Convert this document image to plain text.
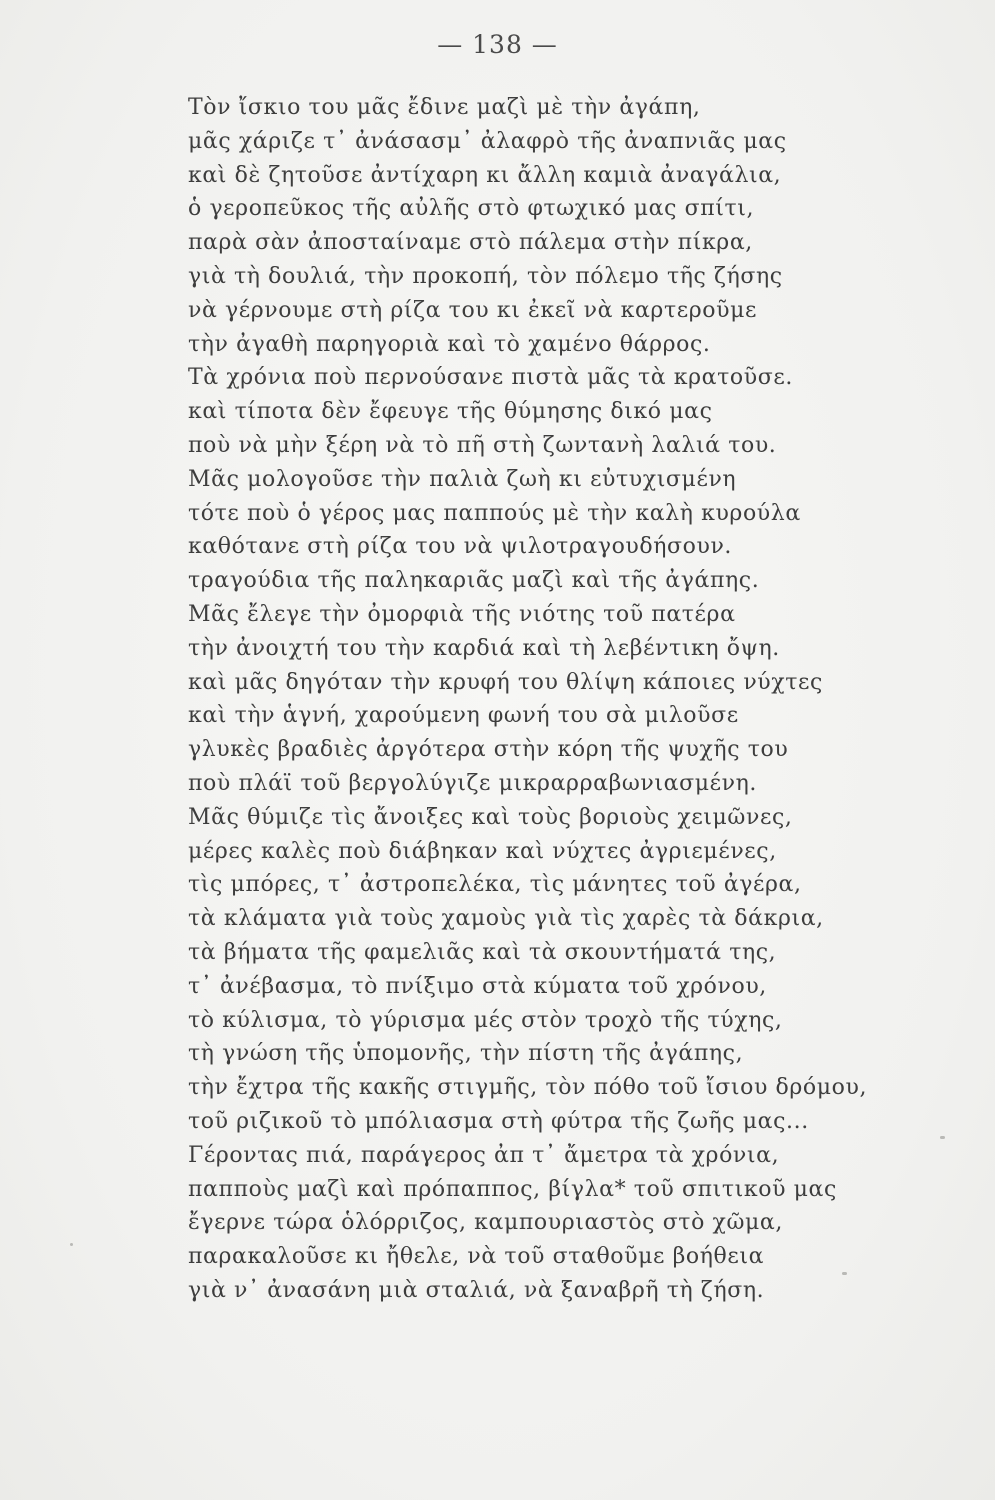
— 138 —
Τὸν ἴσκιο του μᾶς ἔδινε μαζὶ μὲ τὴν ἀγάπη,
μᾶς χάριζε τ᾽ ἀνάσασμ᾽ ἀλαφρὸ τῆς ἀναπνιᾶς μας
καὶ δὲ ζητοῦσε ἀντίχαρη κι ἄλλη καμιὰ ἀναγάλια,
ὁ γεροπεῦκος τῆς αὐλῆς στὸ φτωχικό μας σπίτι,
παρὰ σὰν ἀποσταίναμε στὸ πάλεμα στὴν πίκρα,
γιὰ τὴ δουλιά, τὴν προκοπή, τὸν πόλεμο τῆς ζήσης
νὰ γέρνουμε στὴ ρίζα του κι ἐκεῖ νὰ καρτεροῦμε
τὴν ἀγαθὴ παρηγοριὰ καὶ τὸ χαμένο θάρρος.
Τὰ χρόνια ποὺ περνούσανε πιστὰ μᾶς τὰ κρατοῦσε.
καὶ τίποτα δὲν ἔφευγε τῆς θύμησης δικό μας
ποὺ νὰ μὴν ξέρη νὰ τὸ πῆ στὴ ζωντανὴ λαλιά του.
Μᾶς μολογοῦσε τὴν παλιὰ ζωὴ κι εὐτυχισμένη
τότε ποὺ ὁ γέρος μας παππούς μὲ τὴν καλὴ κυρούλα
καθότανε στὴ ρίζα του νὰ ψιλοτραγουδήσουν.
τραγούδια τῆς παληκαριᾶς μαζὶ καὶ τῆς ἀγάπης.
Μᾶς ἔλεγε τὴν ὀμορφιὰ τῆς νιότης τοῦ πατέρα
τὴν ἀνοιχτή του τὴν καρδιά καὶ τὴ λεβέντικη ὄψη.
καὶ μᾶς δηγόταν τὴν κρυφή του θλίψη κάποιες νύχτες
καὶ τὴν ἁγνή, χαρούμενη φωνή του σὰ μιλοῦσε
γλυκὲς βραδιὲς ἀργότερα στὴν κόρη τῆς ψυχῆς του
ποὺ πλάϊ τοῦ βεργολύγιζε μικραρραβωνιασμένη.
Μᾶς θύμιζε τὶς ἄνοιξες καὶ τοὺς βοριοὺς χειμῶνες,
μέρες καλὲς ποὺ διάβηκαν καὶ νύχτες ἀγριεμένες,
τὶς μπόρες, τ᾽ ἀστροπελέκα, τὶς μάνητες τοῦ ἀγέρα,
τὰ κλάματα γιὰ τοὺς χαμοὺς γιὰ τὶς χαρὲς τὰ δάκρια,
τὰ βήματα τῆς φαμελιᾶς καὶ τὰ σκουντήματά της,
τ᾽ ἀνέβασμα, τὸ πνίξιμο στὰ κύματα τοῦ χρόνου,
τὸ κύλισμα, τὸ γύρισμα μές στὸν τροχὸ τῆς τύχης,
τὴ γνώση τῆς ὑπομονῆς, τὴν πίστη τῆς ἀγάπης,
τὴν ἔχτρα τῆς κακῆς στιγμῆς, τὸν πόθο τοῦ ἴσιου δρόμου,
τοῦ ριζικοῦ τὸ μπόλιασμα στὴ φύτρα τῆς ζωῆς μας...
Γέροντας πιά, παράγερος ἀπ τ᾽ ἄμετρα τὰ χρόνια,
παπποὺς μαζὶ καὶ πρόπαππος, βίγλα* τοῦ σπιτικοῦ μας
ἔγερνε τώρα ὁλόρριζος, καμπουριαστὸς στὸ χῶμα,
παρακαλοῦσε κι ἤθελε, νὰ τοῦ σταθοῦμε βοήθεια
γιὰ ν᾽ ἀνασάνη μιὰ σταλιά, νὰ ξαναβρῆ τὴ ζήση.
